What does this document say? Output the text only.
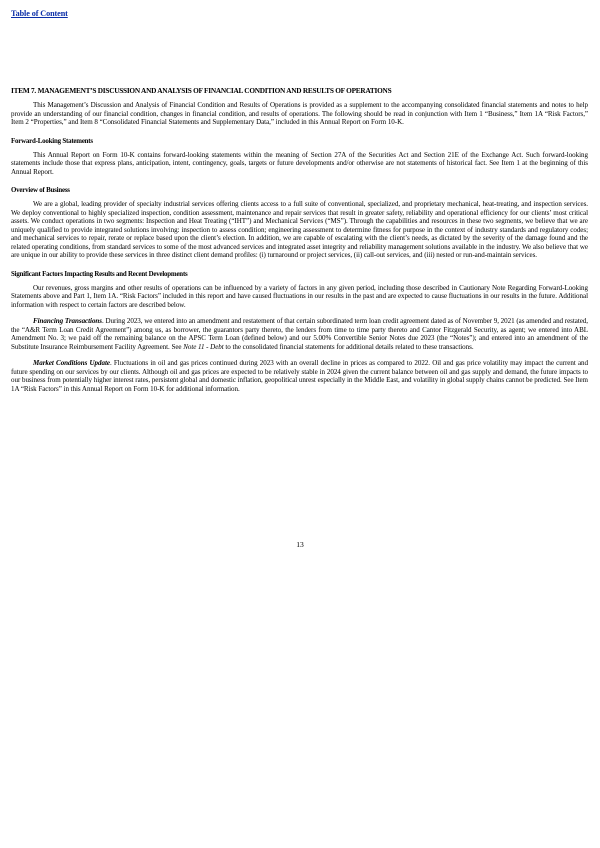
Table of Content
ITEM 7. MANAGEMENT’S DISCUSSION AND ANALYSIS OF FINANCIAL CONDITION AND RESULTS OF OPERATIONS

This Management’s Discussion and Analysis of Financial Condition and Results of Operations is provided as a supplement to the accompanying consolidated financial statements and notes to help provide an understanding of our financial condition, changes in financial condition, and results of operations. The following should be read in conjunction with Item 1 “Business,” Item 1A “Risk Factors,” Item 2 “Properties,” and Item 8 “Consolidated Financial Statements and Supplementary Data,” included in this Annual Report on Form 10-K.

Forward-Looking Statements

This Annual Report on Form 10-K contains forward-looking statements within the meaning of Section 27A of the Securities Act and Section 21E of the Exchange Act. Such forward-looking statements include those that express plans, anticipation, intent, contingency, goals, targets or future developments and/or otherwise are not statements of historical fact. See Item 1 at the beginning of this Annual Report.

Overview of Business

We are a global, leading provider of specialty industrial services offering clients access to a full suite of conventional, specialized, and proprietary mechanical, heat-treating, and inspection services. We deploy conventional to highly specialized inspection, condition assessment, maintenance and repair services that result in greater safety, reliability and operational efficiency for our clients’ most critical assets. We conduct operations in two segments: Inspection and Heat Treating (“IHT”) and Mechanical Services (“MS”). Through the capabilities and resources in these two segments, we believe that we are uniquely qualified to provide integrated solutions involving: inspection to assess condition; engineering assessment to determine fitness for purpose in the context of industry standards and regulatory codes; and mechanical services to repair, rerate or replace based upon the client’s election. In addition, we are capable of escalating with the client’s needs, as dictated by the severity of the damage found and the related operating conditions, from standard services to some of the most advanced services and integrated asset integrity and reliability management solutions available in the industry. We also believe that we are unique in our ability to provide these services in three distinct client demand profiles: (i) turnaround or project services, (ii) call-out services, and (iii) nested or run-and-maintain services.

Significant Factors Impacting Results and Recent Developments

Our revenues, gross margins and other results of operations can be influenced by a variety of factors in any given period, including those described in Cautionary Note Regarding Forward-Looking Statements above and Part 1, Item 1A. “Risk Factors” included in this report and have caused fluctuations in our results in the past and are expected to cause fluctuations in our results in the future. Additional information with respect to certain factors are described below.

Financing Transactions. During 2023, we entered into an amendment and restatement of that certain subordinated term loan credit agreement dated as of November 9, 2021 (as amended and restated, the “A&R Term Loan Credit Agreement”) among us, as borrower, the guarantors party thereto, the lenders from time to time party thereto and Cantor Fitzgerald Security, as agent; we entered into ABL Amendment No. 3; we paid off the remaining balance on the APSC Term Loan (defined below) and our 5.00% Convertible Senior Notes due 2023 (the “Notes”); and entered into an amendment of the Substitute Insurance Reimbursement Facility Agreement. See Note 11 - Debt to the consolidated financial statements for additional details related to these transactions.

Market Conditions Update. Fluctuations in oil and gas prices continued during 2023 with an overall decline in prices as compared to 2022. Oil and gas price volatility may impact the current and future spending on our services by our clients. Although oil and gas prices are expected to be relatively stable in 2024 given the current balance between oil and gas supply and demand, the future impacts to our business from potentially higher interest rates, persistent global and domestic inflation, geopolitical unrest especially in the Middle East, and volatility in global supply chains cannot be predicted. See Item 1A “Risk Factors” in this Annual Report on Form 10-K for additional information.

13
